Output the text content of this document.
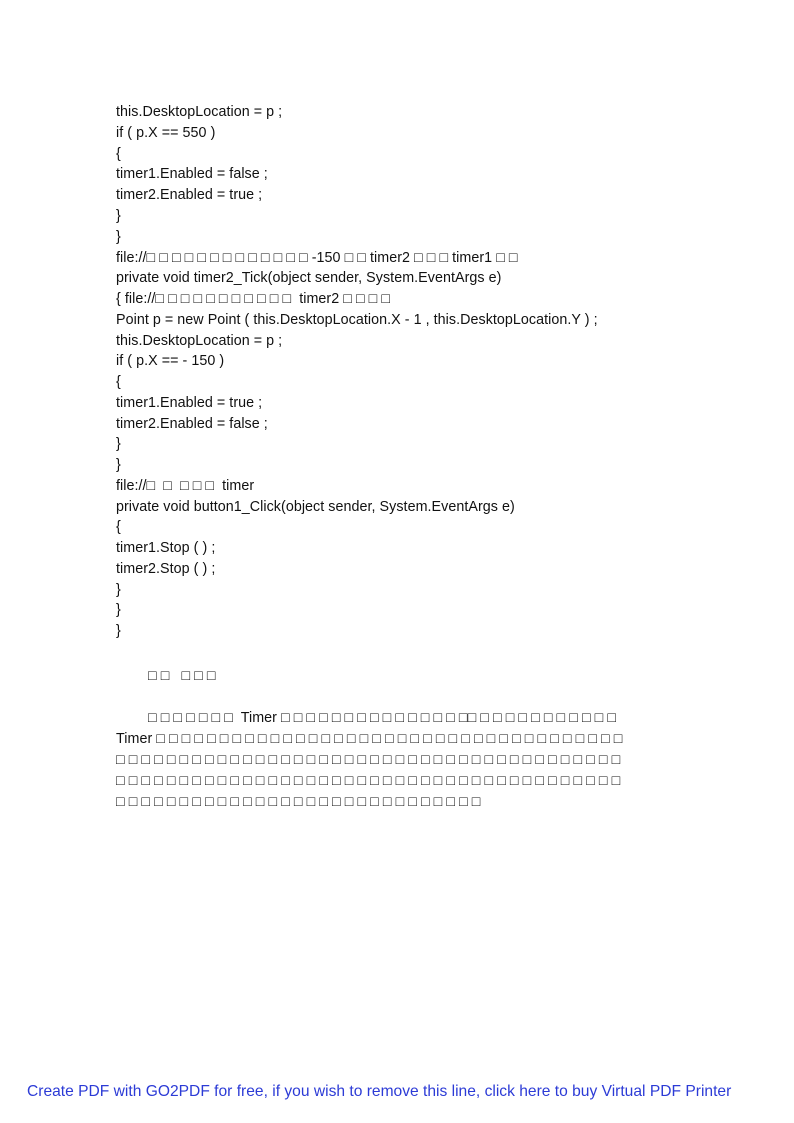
this.DesktopLocation = p ;
if ( p.X == 550 )
{
timer1.Enabled = false ;
timer2.Enabled = true ;
}
}
file://□ □ □ □ □ □ □ □ □ □ □ □ □ -150 □ □ timer2 □ □ □ timer1 □ □
private void timer2_Tick(object sender, System.EventArgs e)
{ file://□ □ □ □ □ □ □ □ □ □ □  timer2 □ □ □ □
Point p = new Point ( this.DesktopLocation.X - 1 , this.DesktopLocation.Y ) ;
this.DesktopLocation = p ;
if ( p.X == - 150 )
{
timer1.Enabled = true ;
timer2.Enabled = false ;
}
}
file://□  □  □ □ □  timer
private void button1_Click(object sender, System.EventArgs e)
{
timer1.Stop ( ) ;
timer2.Stop ( ) ;
}
}
}
□ □   □ □ □
□ □ □ □ □ □ □  Timer □ □ □ □ □ □ □ □ □ □ □ □ □ □ □□ □ □ □ □ □ □ □ □ □ □ □
Timer □ □ □ □ □ □ □ □ □ □ □ □ □ □ □ □ □ □ □ □ □ □ □ □ □ □ □ □ □ □ □ □ □ □ □ □ □
□ □ □ □ □ □ □ □ □ □ □ □ □ □ □ □ □ □ □ □ □ □ □ □ □ □ □ □ □ □ □ □ □ □ □ □ □ □ □ □
□ □ □ □ □ □ □ □ □ □ □ □ □ □ □ □ □ □ □ □ □ □ □ □ □ □ □ □ □ □ □ □ □ □ □ □ □ □ □ □
□ □ □ □ □ □ □ □ □ □ □ □ □ □ □ □ □ □ □ □ □ □ □ □ □ □ □ □ □
Create PDF with GO2PDF for free, if you wish to remove this line, click here to buy Virtual PDF Printer
